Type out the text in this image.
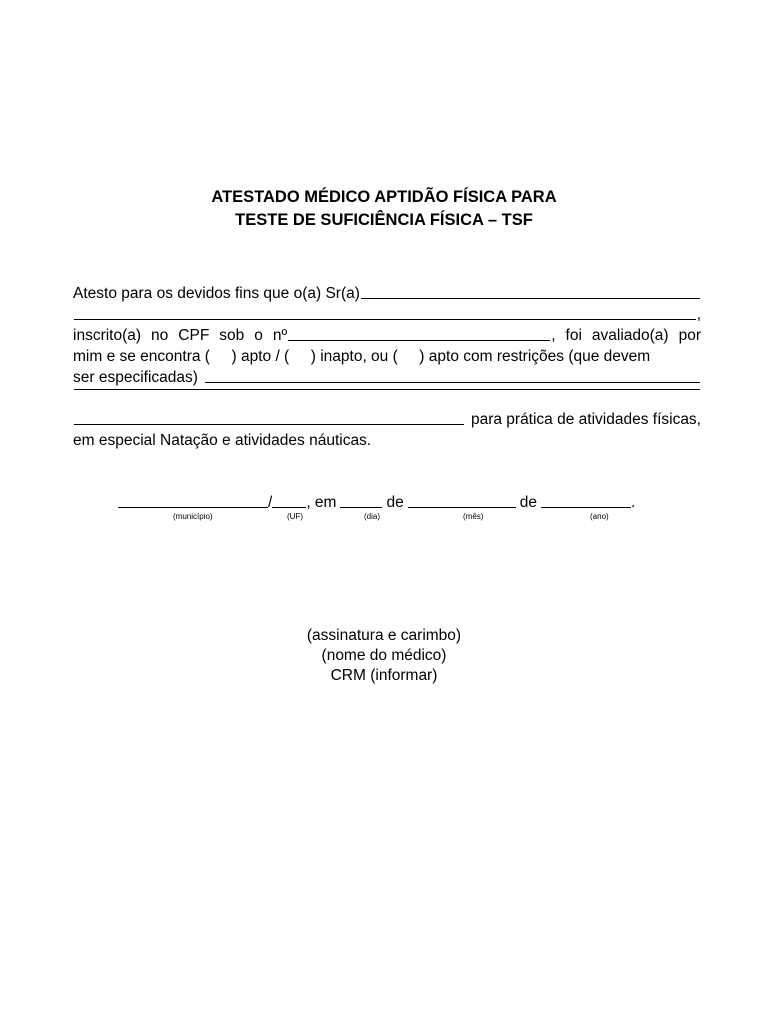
ATESTADO MÉDICO APTIDÃO FÍSICA PARA
TESTE DE SUFICIÊNCIA FÍSICA – TSF
Atesto para os devidos fins que o(a) Sr(a)
,
inscrito(a) no CPF sob o nº	, foi avaliado(a) por
mim e se encontra (     ) apto / (     ) inapto, ou (     ) apto com restrições (que devem
ser especificadas)
para prática de atividades físicas,
em especial Natação e atividades náuticas.
/ , em	de	de	.
(município)	(UF)	(dia)	(mês)	(ano)
(assinatura e carimbo)
(nome do médico)
CRM (informar)
